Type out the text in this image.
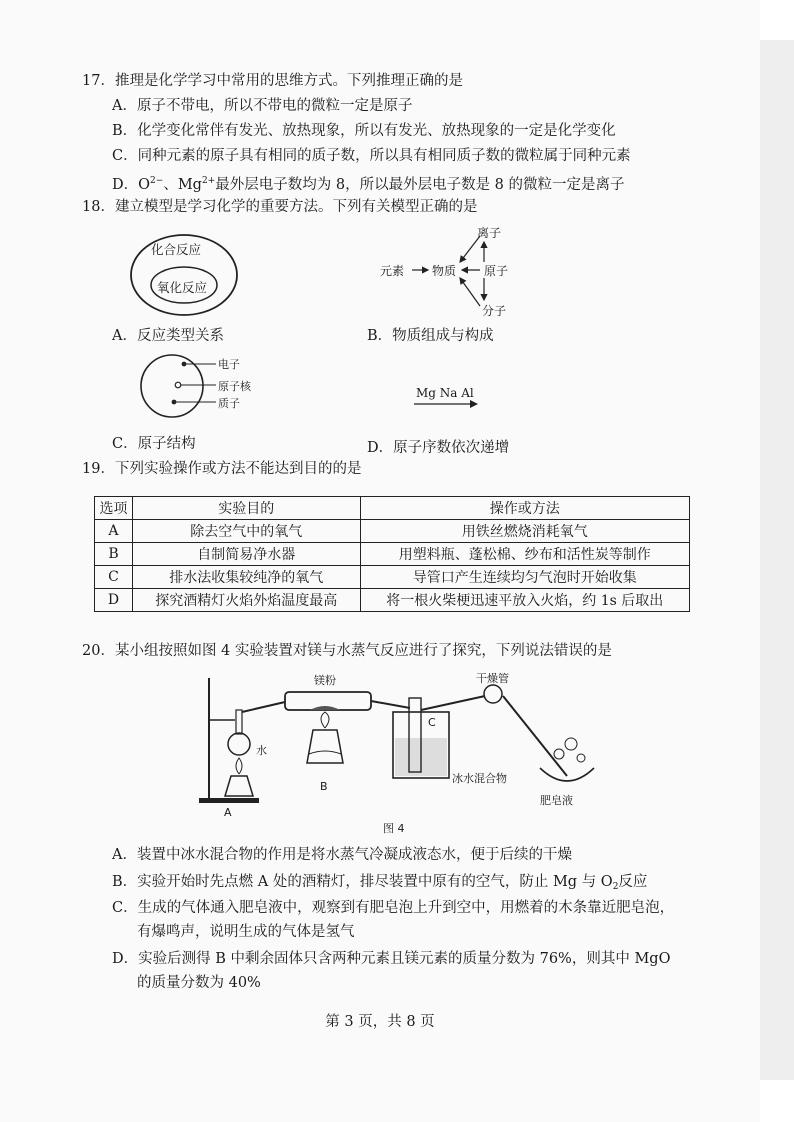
17．推理是化学学习中常用的思维方式。下列推理正确的是
A．原子不带电，所以不带电的微粒一定是原子
B．化学变化常伴有发光、放热现象，所以有发光、放热现象的一定是化学变化
C．同种元素的原子具有相同的质子数，所以具有相同质子数的微粒属于同种元素
D．$O^{2-}$、$Mg^{2+}$最外层电子数均为 8，所以最外层电子数是 8 的微粒一定是离子
18．建立模型是学习化学的重要方法。下列有关模型正确的是
化合反应
氧化反应
A．反应类型关系
元素 物质 原子
离子
分子
B．物质组成与构成
电子
原子核
质子
C．原子结构
Mg Na Al
D．原子序数依次递增
19．下列实验操作或方法不能达到目的的是
选项	实验目的	操作或方法
A	除去空气中的氧气	用铁丝燃烧消耗氧气
B	自制简易净水器	用塑料瓶、蓬松棉、纱布和活性炭等制作
C	排水法收集较纯净的氧气	导管口产生连续均匀气泡时开始收集
D	探究酒精灯火焰外焰温度最高	将一根火柴梗迅速平放入火焰，约 1s 后取出
20．某小组按照如图 4 实验装置对镁与水蒸气反应进行了探究，下列说法错误的是
镁粉	干燥管
水
冰水混合物
肥皂液
A
B
C
图 4
A．装置中冰水混合物的作用是将水蒸气冷凝成液态水，便于后续的干燥
B．实验开始时先点燃 A 处的酒精灯，排尽装置中原有的空气，防止 Mg 与 $O_2$反应
C．生成的气体通入肥皂液中，观察到有肥皂泡上升到空中，用燃着的木条靠近肥皂泡，
有爆鸣声，说明生成的气体是氢气
D．实验后测得 B 中剩余固体只含两种元素且镁元素的质量分数为 76%，则其中 MgO
的质量分数为 40%
第 3 页，共 8 页
